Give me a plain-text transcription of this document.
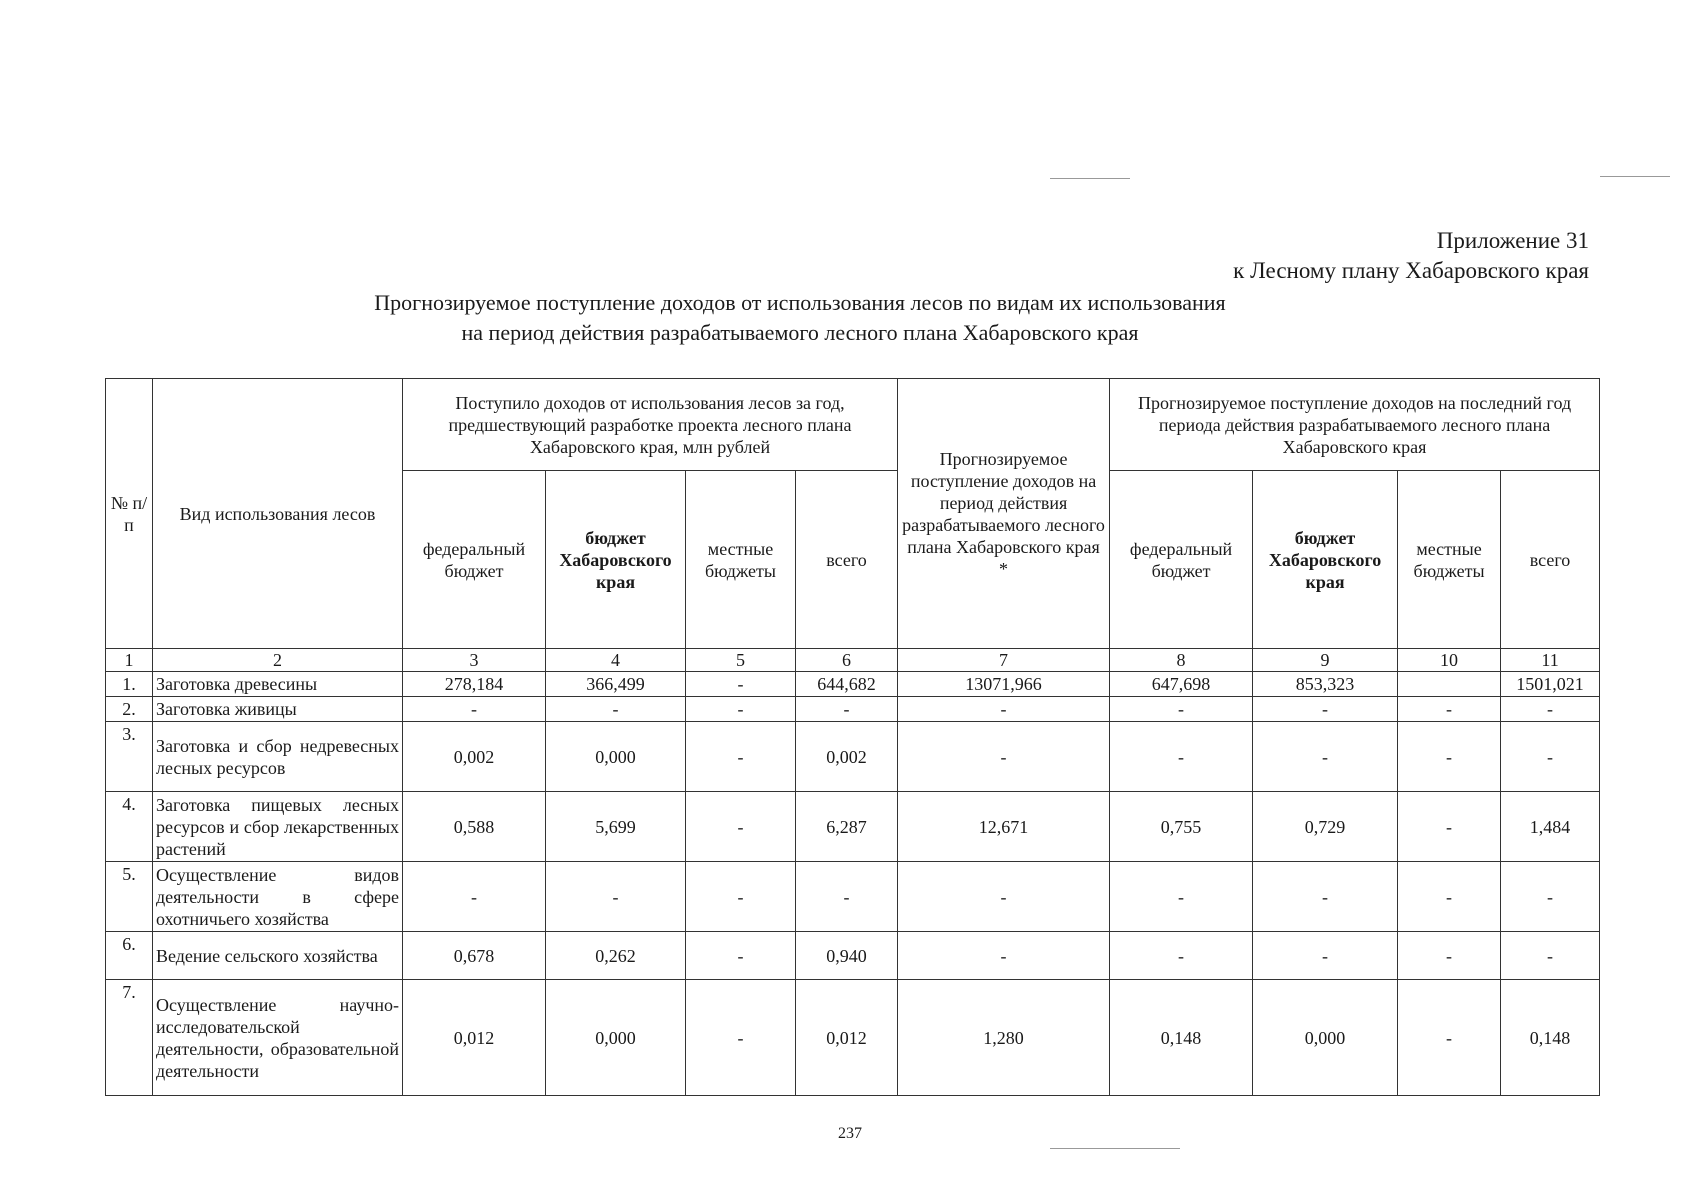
Приложение 31
к Лесному плану Хабаровского края
Прогнозируемое поступление доходов от использования лесов по видам их использования
на период действия разрабатываемого лесного плана Хабаровского края
№ п/п	Вид использования лесов	Поступило доходов от использования лесов за год, предшествующий разработке проекта лесного плана Хабаровского края, млн рублей				Прогнозируемое поступление доходов на период действия разрабатываемого лесного плана Хабаровского края *	Прогнозируемое поступление доходов на последний год периода действия разрабатываемого лесного плана Хабаровского края			
		федеральный бюджет	бюджет Хабаровского края	местные бюджеты	всего		федеральный бюджет	бюджет Хабаровского края	местные бюджеты	всего
1	2	3	4	5	6	7	8	9	10	11
1.	Заготовка древесины	278,184	366,499	-	644,682	13071,966	647,698	853,323		1501,021
2.	Заготовка живицы	-	-	-	-	-	-	-	-	-
3.	Заготовка и сбор недревесных лесных ресурсов	0,002	0,000	-	0,002	-	-	-	-	-
4.	Заготовка пищевых лесных ресурсов и сбор лекарственных растений	0,588	5,699	-	6,287	12,671	0,755	0,729	-	1,484
5.	Осуществление видов деятельности в сфере охотничьего хозяйства	-	-	-	-	-	-	-	-	-
6.	Ведение сельского хозяйства	0,678	0,262	-	0,940	-	-	-	-	-
7.	Осуществление научно-исследовательской деятельности, образовательной деятельности	0,012	0,000	-	0,012	1,280	0,148	0,000	-	0,148
237
